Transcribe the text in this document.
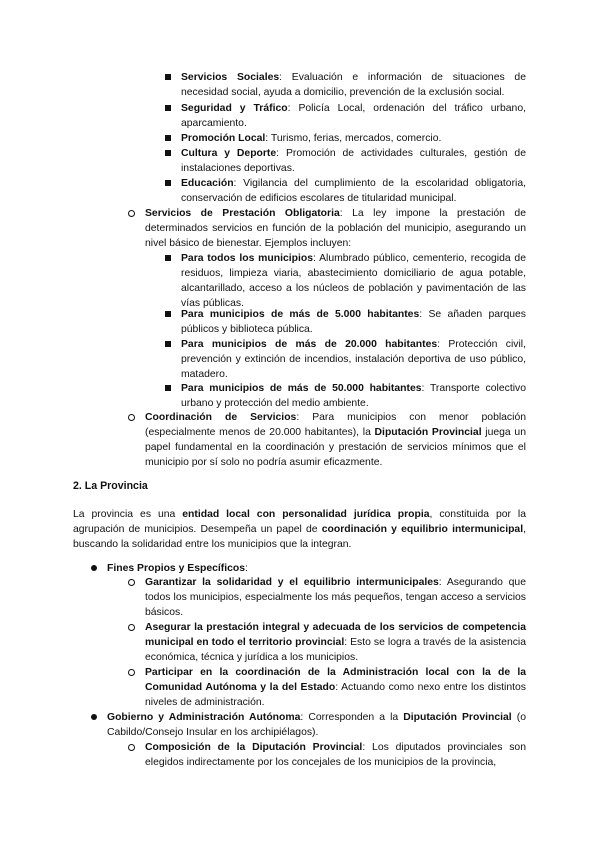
Servicios Sociales: Evaluación e información de situaciones de necesidad social, ayuda a domicilio, prevención de la exclusión social.
Seguridad y Tráfico: Policía Local, ordenación del tráfico urbano, aparcamiento.
Promoción Local: Turismo, ferias, mercados, comercio.
Cultura y Deporte: Promoción de actividades culturales, gestión de instalaciones deportivas.
Educación: Vigilancia del cumplimiento de la escolaridad obligatoria, conservación de edificios escolares de titularidad municipal.
Servicios de Prestación Obligatoria: La ley impone la prestación de determinados servicios en función de la población del municipio, asegurando un nivel básico de bienestar. Ejemplos incluyen:
Para todos los municipios: Alumbrado público, cementerio, recogida de residuos, limpieza viaria, abastecimiento domiciliario de agua potable, alcantarillado, acceso a los núcleos de población y pavimentación de las vías públicas.
Para municipios de más de 5.000 habitantes: Se añaden parques públicos y biblioteca pública.
Para municipios de más de 20.000 habitantes: Protección civil, prevención y extinción de incendios, instalación deportiva de uso público, matadero.
Para municipios de más de 50.000 habitantes: Transporte colectivo urbano y protección del medio ambiente.
Coordinación de Servicios: Para municipios con menor población (especialmente menos de 20.000 habitantes), la Diputación Provincial juega un papel fundamental en la coordinación y prestación de servicios mínimos que el municipio por sí solo no podría asumir eficazmente.
2. La Provincia
La provincia es una entidad local con personalidad jurídica propia, constituida por la agrupación de municipios. Desempeña un papel de coordinación y equilibrio intermunicipal, buscando la solidaridad entre los municipios que la integran.
Fines Propios y Específicos:
Garantizar la solidaridad y el equilibrio intermunicipales: Asegurando que todos los municipios, especialmente los más pequeños, tengan acceso a servicios básicos.
Asegurar la prestación integral y adecuada de los servicios de competencia municipal en todo el territorio provincial: Esto se logra a través de la asistencia económica, técnica y jurídica a los municipios.
Participar en la coordinación de la Administración local con la de la Comunidad Autónoma y la del Estado: Actuando como nexo entre los distintos niveles de administración.
Gobierno y Administración Autónoma: Corresponden a la Diputación Provincial (o Cabildo/Consejo Insular en los archipiélagos).
Composición de la Diputación Provincial: Los diputados provinciales son elegidos indirectamente por los concejales de los municipios de la provincia,
